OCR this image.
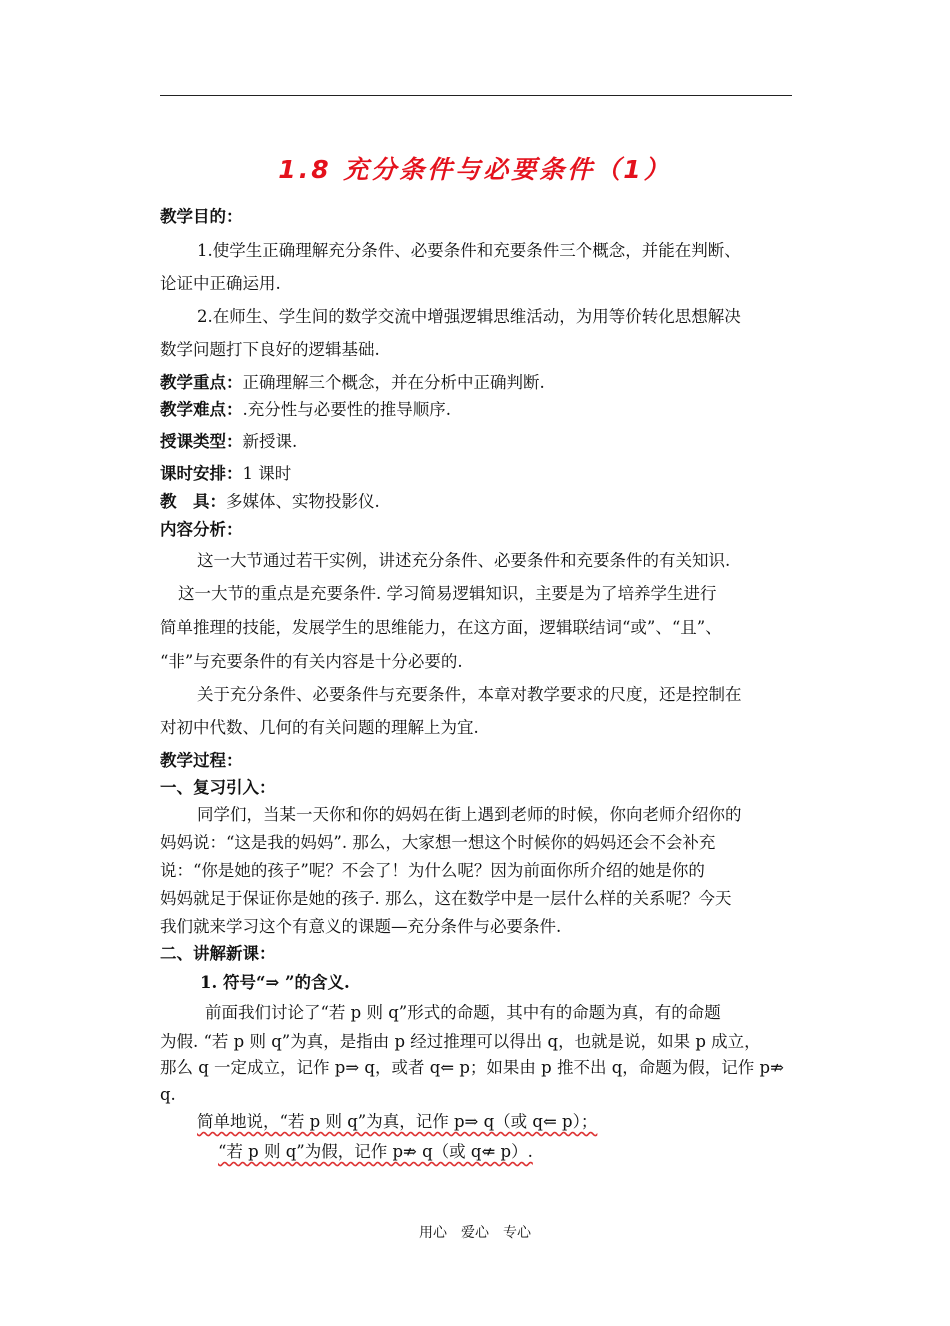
1.8 充分条件与必要条件（1）
教学目的：
1.使学生正确理解充分条件、必要条件和充要条件三个概念，并能在判断、
论证中正确运用.
2.在师生、学生间的数学交流中增强逻辑思维活动，为用等价转化思想解决
数学问题打下良好的逻辑基础.
教学重点：正确理解三个概念，并在分析中正确判断.
教学难点：.充分性与必要性的推导顺序.
授课类型：新授课.
课时安排：1 课时
教　具：多媒体、实物投影仪.
内容分析：
这一大节通过若干实例，讲述充分条件、必要条件和充要条件的有关知识.
这一大节的重点是充要条件. 学习简易逻辑知识，主要是为了培养学生进行
简单推理的技能，发展学生的思维能力，在这方面，逻辑联结词“或”、“且”、
“非”与充要条件的有关内容是十分必要的.
关于充分条件、必要条件与充要条件，本章对教学要求的尺度，还是控制在
对初中代数、几何的有关问题的理解上为宜.
教学过程：
一、复习引入：
同学们，当某一天你和你的妈妈在街上遇到老师的时候，你向老师介绍你的
妈妈说：“这是我的妈妈”. 那么，大家想一想这个时候你的妈妈还会不会补充
说：“你是她的孩子”呢？不会了！为什么呢？因为前面你所介绍的她是你的
妈妈就足于保证你是她的孩子. 那么，这在数学中是一层什么样的关系呢？今天
我们就来学习这个有意义的课题—充分条件与必要条件.
二、讲解新课：
1. 符号“⇒ ”的含义.
前面我们讨论了“若 p 则 q”形式的命题，其中有的命题为真，有的命题
为假. “若 p 则 q”为真，是指由 p 经过推理可以得出 q，也就是说，如果 p 成立，
那么 q 一定成立，记作 p⇒ q，或者 q⇐ p；如果由 p 推不出 q，命题为假，记作 p⇏
q.
简单地说，“若 p 则 q”为真，记作 p⇒ q（或 q⇐ p）；
“若 p 则 q”为假，记作 p⇏ q（或 q⇍ p）.
用心　爱心　专心
